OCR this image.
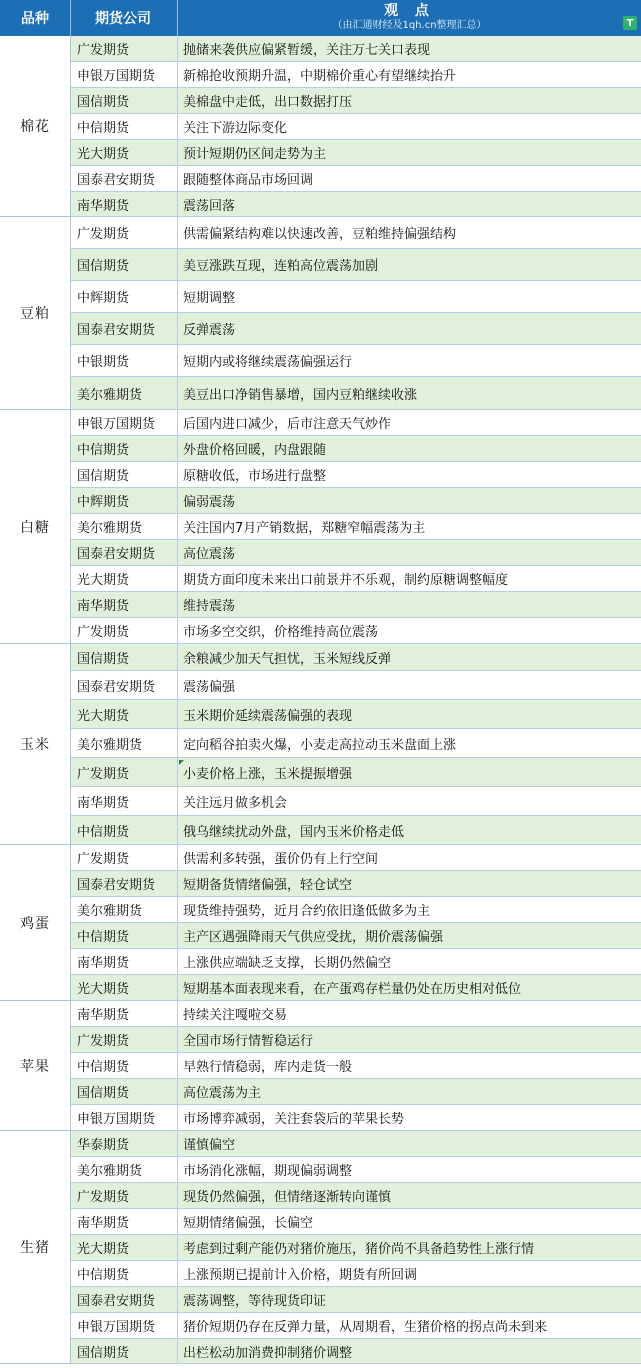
品种	期货公司	观 点
（由汇通财经及1qh.cn整理汇总）	T
棉花
广发期货	抛储来袭供应偏紧暂缓，关注万七关口表现
申银万国期货	新棉抢收预期升温，中期棉价重心有望继续抬升
国信期货	美棉盘中走低，出口数据打压
中信期货	关注下游边际变化
光大期货	预计短期仍区间走势为主
国泰君安期货	跟随整体商品市场回调
南华期货	震荡回落
豆粕
广发期货	供需偏紧结构难以快速改善，豆粕维持偏强结构
国信期货	美豆涨跌互现，连粕高位震荡加剧
中辉期货	短期调整
国泰君安期货	反弹震荡
中银期货	短期内或将继续震荡偏强运行
美尔雅期货	美豆出口净销售暴增，国内豆粕继续收涨
白糖
申银万国期货	后国内进口减少，后市注意天气炒作
中信期货	外盘价格回暖，内盘跟随
国信期货	原糖收低，市场进行盘整
中辉期货	偏弱震荡
美尔雅期货	关注国内7月产销数据，郑糖窄幅震荡为主
国泰君安期货	高位震荡
光大期货	期货方面印度未来出口前景并不乐观，制约原糖调整幅度
南华期货	维持震荡
广发期货	市场多空交织，价格维持高位震荡
玉米
国信期货	余粮减少加天气担忧，玉米短线反弹
国泰君安期货	震荡偏强
光大期货	玉米期价延续震荡偏强的表现
美尔雅期货	定向稻谷拍卖火爆，小麦走高拉动玉米盘面上涨
广发期货	小麦价格上涨，玉米提振增强
南华期货	关注远月做多机会
中信期货	俄乌继续扰动外盘，国内玉米价格走低
鸡蛋
广发期货	供需利多转强，蛋价仍有上行空间
国泰君安期货	短期备货情绪偏强，轻仓试空
美尔雅期货	现货维持强势，近月合约依旧逢低做多为主
中信期货	主产区遇强降雨天气供应受扰，期价震荡偏强
南华期货	上涨供应端缺乏支撑，长期仍然偏空
光大期货	短期基本面表现来看，在产蛋鸡存栏量仍处在历史相对低位
苹果
南华期货	持续关注嘎啦交易
广发期货	全国市场行情暂稳运行
中信期货	早熟行情稳弱，库内走货一般
国信期货	高位震荡为主
申银万国期货	市场博弈减弱，关注套袋后的苹果长势
生猪
华泰期货	谨慎偏空
美尔雅期货	市场消化涨幅，期现偏弱调整
广发期货	现货仍然偏强，但情绪逐渐转向谨慎
南华期货	短期情绪偏强，长偏空
光大期货	考虑到过剩产能仍对猪价施压，猪价尚不具备趋势性上涨行情
中信期货	上涨预期已提前计入价格，期货有所回调
国泰君安期货	震荡调整，等待现货印证
申银万国期货	猪价短期仍存在反弹力量，从周期看，生猪价格的拐点尚未到来
国信期货	出栏松动加消费抑制猪价调整
